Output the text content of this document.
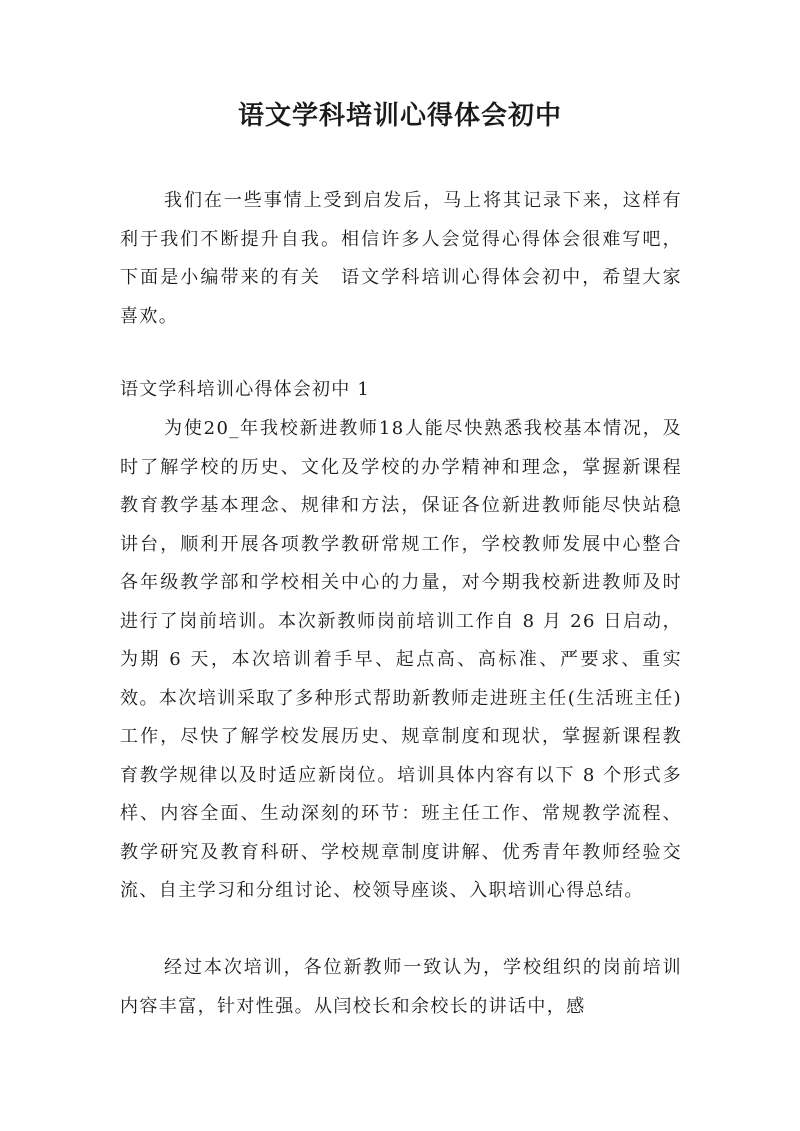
语文学科培训心得体会初中

我们在一些事情上受到启发后，马上将其记录下来，这样有利于我们不断提升自我。相信许多人会觉得心得体会很难写吧，下面是小编带来的有关　语文学科培训心得体会初中，希望大家喜欢。

语文学科培训心得体会初中 1

为使20_年我校新进教师18人能尽快熟悉我校基本情况，及时了解学校的历史、文化及学校的办学精神和理念，掌握新课程教育教学基本理念、规律和方法，保证各位新进教师能尽快站稳讲台，顺利开展各项教学教研常规工作，学校教师发展中心整合各年级教学部和学校相关中心的力量，对今期我校新进教师及时进行了岗前培训。本次新教师岗前培训工作自 8 月 26 日启动，为期 6 天，本次培训着手早、起点高、高标准、严要求、重实效。本次培训采取了多种形式帮助新教师走进班主任(生活班主任)工作，尽快了解学校发展历史、规章制度和现状，掌握新课程教育教学规律以及时适应新岗位。培训具体内容有以下 8 个形式多样、内容全面、生动深刻的环节：班主任工作、常规教学流程、教学研究及教育科研、学校规章制度讲解、优秀青年教师经验交流、自主学习和分组讨论、校领导座谈、入职培训心得总结。

经过本次培训，各位新教师一致认为，学校组织的岗前培训内容丰富，针对性强。从闫校长和余校长的讲话中，感
